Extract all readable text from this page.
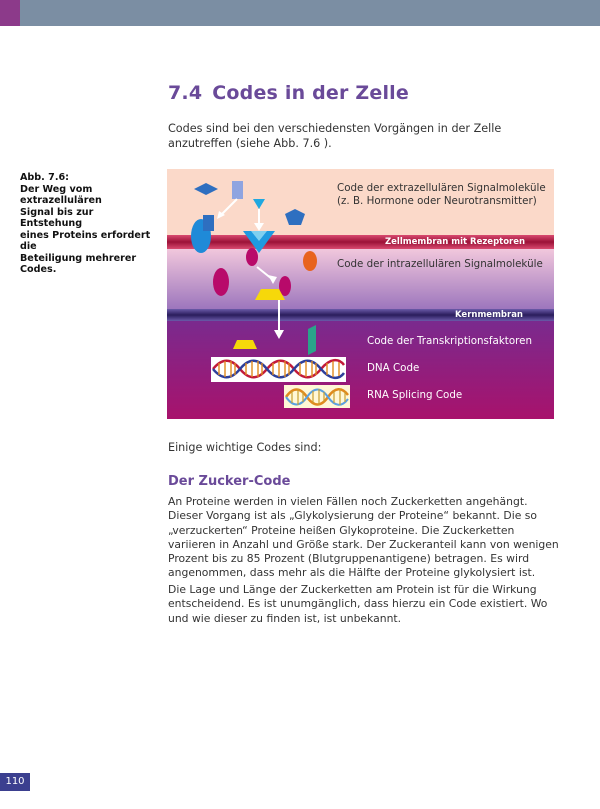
7.4 Codes in der Zelle

Codes sind bei den verschiedensten Vorgängen in der Zelle anzutreffen (siehe Abb. 7.6 ).

Abb. 7.6:
Der Weg vom extrazellulären
Signal bis zur Entstehung
eines Proteins erfordert die
Beteiligung mehrerer Codes.
Code der extrazellulären Signalmoleküle
(z. B. Hormone oder Neurotransmitter)
Zellmembran mit Rezeptoren
Code der intrazellulären Signalmoleküle
Kernmembran
Code der Transkriptionsfaktoren
DNA Code
RNA Splicing Code

Einige wichtige Codes sind:

Der Zucker-Code

An Proteine werden in vielen Fällen noch Zuckerketten angehängt. Dieser Vorgang ist als „Glykolysierung der Proteine“ bekannt. Die so „verzuckerten“ Proteine heißen Glykoproteine. Die Zuckerketten variieren in Anzahl und Größe stark. Der Zuckeranteil kann von wenigen Prozent bis zu 85 Prozent (Blutgruppenantigene) betragen. Es wird angenommen, dass mehr als die Hälfte der Proteine glykolysiert ist.

Die Lage und Länge der Zuckerketten am Protein ist für die Wirkung entscheidend. Es ist unumgänglich, dass hierzu ein Code existiert. Wo und wie dieser zu finden ist, ist unbekannt.

110
